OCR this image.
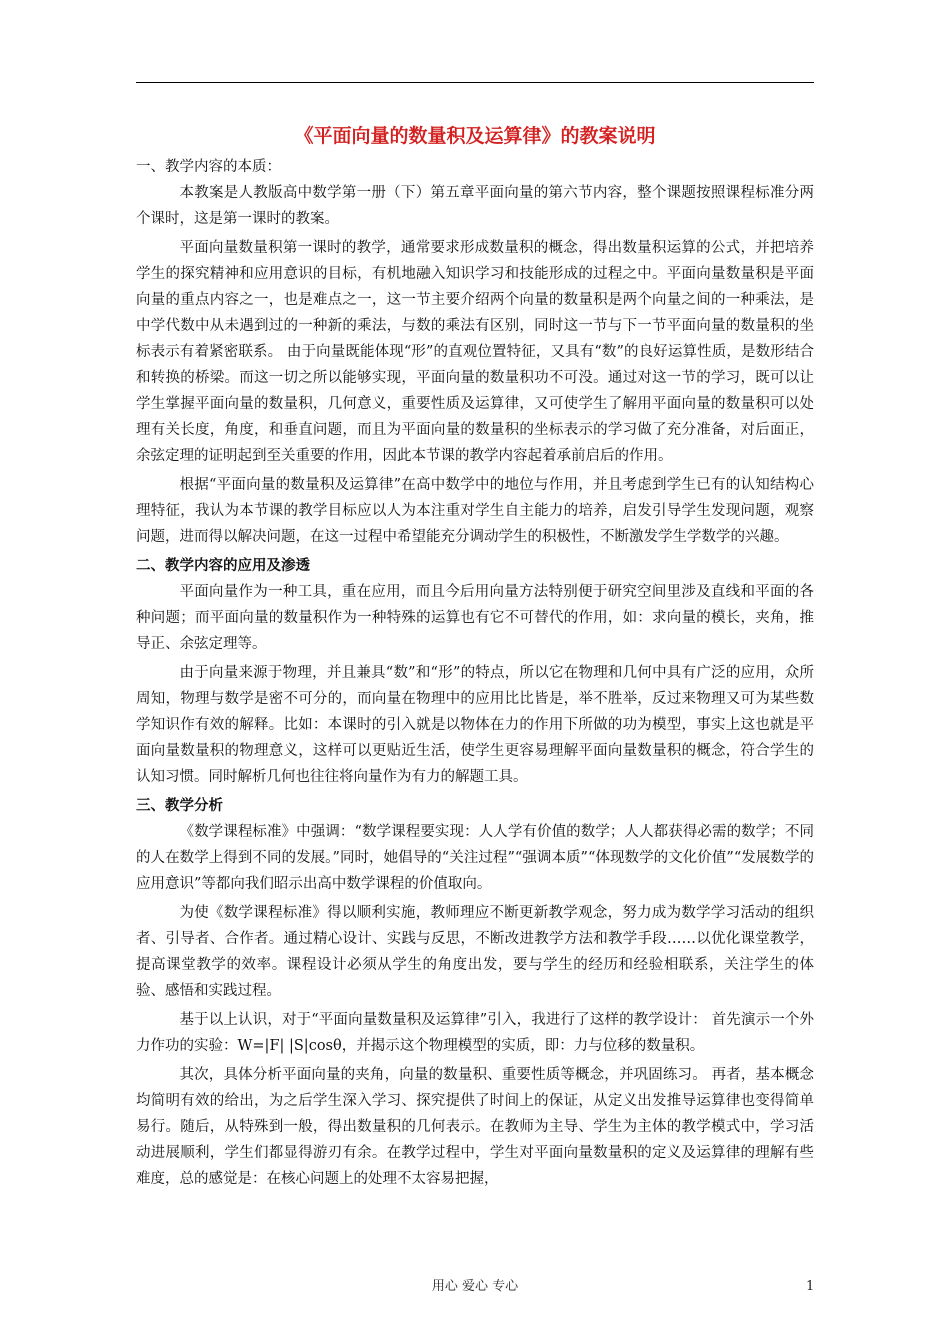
《平面向量的数量积及运算律》的教案说明

一、教学内容的本质：

本教案是人教版高中数学第一册（下）第五章平面向量的第六节内容，整个课题按照课程标准分两个课时，这是第一课时的教案。

平面向量数量积第一课时的教学，通常要求形成数量积的概念，得出数量积运算的公式，并把培养学生的探究精神和应用意识的目标，有机地融入知识学习和技能形成的过程之中。平面向量数量积是平面向量的重点内容之一，也是难点之一，这一节主要介绍两个向量的数量积是两个向量之间的一种乘法，是中学代数中从未遇到过的一种新的乘法，与数的乘法有区别，同时这一节与下一节平面向量的数量积的坐标表示有着紧密联系。 由于向量既能体现“形”的直观位置特征，又具有“数”的良好运算性质，是数形结合和转换的桥梁。而这一切之所以能够实现，平面向量的数量积功不可没。通过对这一节的学习，既可以让学生掌握平面向量的数量积，几何意义，重要性质及运算律，又可使学生了解用平面向量的数量积可以处理有关长度，角度，和垂直问题，而且为平面向量的数量积的坐标表示的学习做了充分准备，对后面正，余弦定理的证明起到至关重要的作用，因此本节课的教学内容起着承前启后的作用。

根据“平面向量的数量积及运算律”在高中数学中的地位与作用，并且考虑到学生已有的认知结构心理特征，我认为本节课的教学目标应以人为本注重对学生自主能力的培养，启发引导学生发现问题，观察问题，进而得以解决问题，在这一过程中希望能充分调动学生的积极性，不断激发学生学数学的兴趣。

二、教学内容的应用及渗透

平面向量作为一种工具，重在应用，而且今后用向量方法特别便于研究空间里涉及直线和平面的各种问题；而平面向量的数量积作为一种特殊的运算也有它不可替代的作用，如：求向量的模长，夹角，推导正、余弦定理等。

由于向量来源于物理，并且兼具“数”和“形”的特点，所以它在物理和几何中具有广泛的应用，众所周知，物理与数学是密不可分的，而向量在物理中的应用比比皆是，举不胜举，反过来物理又可为某些数学知识作有效的解释。比如：本课时的引入就是以物体在力的作用下所做的功为模型，事实上这也就是平面向量数量积的物理意义，这样可以更贴近生活，使学生更容易理解平面向量数量积的概念，符合学生的认知习惯。同时解析几何也往往将向量作为有力的解题工具。

三、教学分析

《数学课程标准》中强调：“数学课程要实现：人人学有价值的数学；人人都获得必需的数学；不同的人在数学上得到不同的发展。”同时，她倡导的“关注过程”“强调本质”“体现数学的文化价值”“发展数学的应用意识”等都向我们昭示出高中数学课程的价值取向。

为使《数学课程标准》得以顺利实施，教师理应不断更新教学观念，努力成为数学学习活动的组织者、引导者、合作者。通过精心设计、实践与反思，不断改进教学方法和教学手段……以优化课堂教学，提高课堂教学的效率。课程设计必须从学生的角度出发，要与学生的经历和经验相联系，关注学生的体验、感悟和实践过程。

基于以上认识，对于“平面向量数量积及运算律”引入，我进行了这样的教学设计： 首先演示一个外力作功的实验：W=|F| |S|cosθ，并揭示这个物理模型的实质，即：力与位移的数量积。

其次，具体分析平面向量的夹角，向量的数量积、重要性质等概念，并巩固练习。 再者，基本概念均简明有效的给出，为之后学生深入学习、探究提供了时间上的保证，从定义出发推导运算律也变得简单易行。随后，从特殊到一般，得出数量积的几何表示。在教师为主导、学生为主体的教学模式中，学习活动进展顺利，学生们都显得游刃有余。在教学过程中，学生对平面向量数量积的定义及运算律的理解有些难度，总的感觉是：在核心问题上的处理不太容易把握，

用心 爱心 专心	1
